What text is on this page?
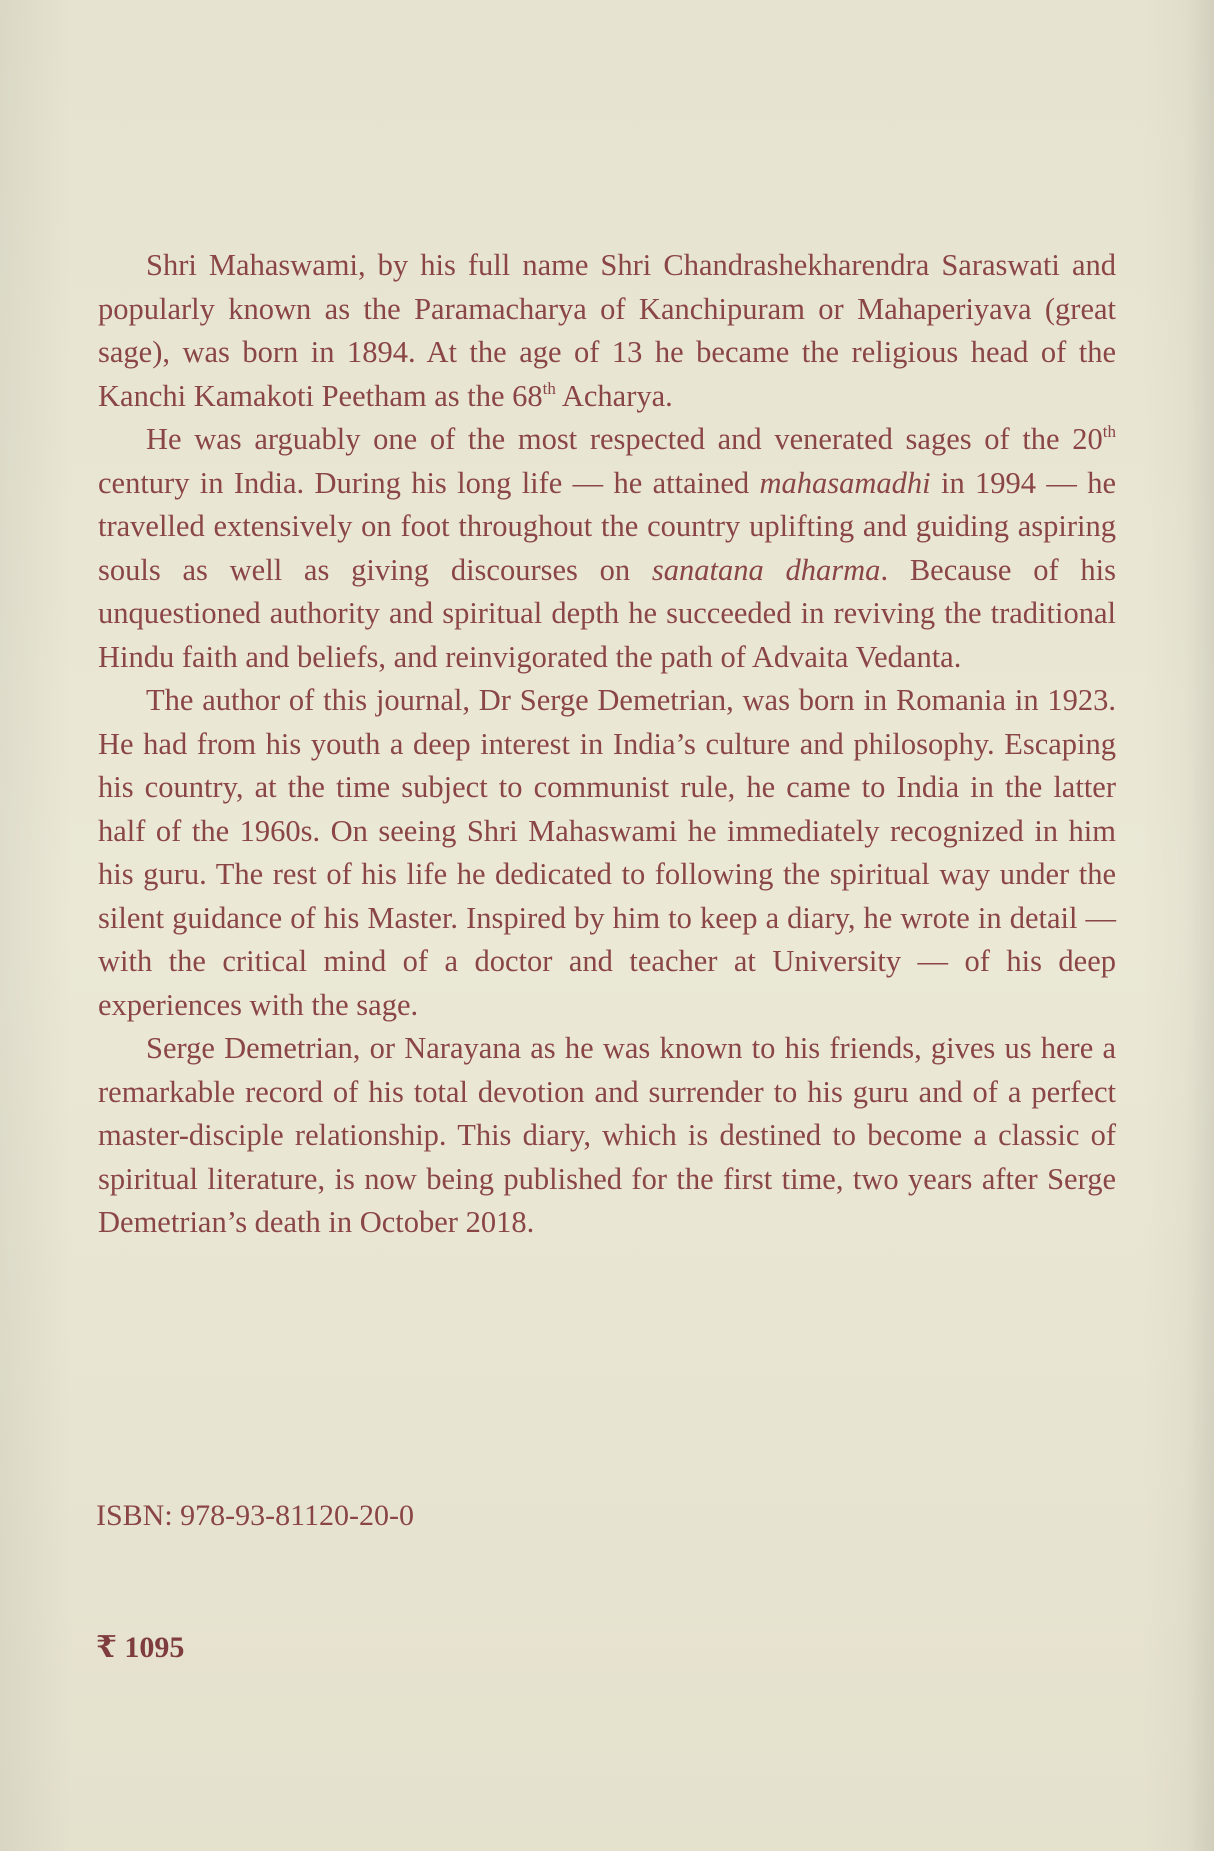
Shri Mahaswami, by his full name Shri Chandrashekharendra Saraswati and popularly known as the Paramacharya of Kanchipuram or Mahaperiyava (great sage), was born in 1894. At the age of 13 he became the religious head of the Kanchi Kamakoti Peetham as the 68th Acharya.

He was arguably one of the most respected and venerated sages of the 20th century in India. During his long life — he attained mahasamadhi in 1994 — he travelled extensively on foot throughout the country uplifting and guiding aspiring souls as well as giving discourses on sanatana dharma. Because of his unquestioned authority and spiritual depth he succeeded in reviving the traditional Hindu faith and beliefs, and reinvigorated the path of Advaita Vedanta.

The author of this journal, Dr Serge Demetrian, was born in Romania in 1923. He had from his youth a deep interest in India’s culture and philosophy. Escaping his country, at the time subject to communist rule, he came to India in the latter half of the 1960s. On seeing Shri Mahaswami he immediately recognized in him his guru. The rest of his life he dedicated to following the spiritual way under the silent guidance of his Master. Inspired by him to keep a diary, he wrote in detail — with the critical mind of a doctor and teacher at University — of his deep experiences with the sage.

Serge Demetrian, or Narayana as he was known to his friends, gives us here a remarkable record of his total devotion and surrender to his guru and of a perfect master-disciple relationship. This diary, which is destined to become a classic of spiritual literature, is now being published for the first time, two years after Serge Demetrian’s death in October 2018.

ISBN: 978-93-81120-20-0
₹ 1095
